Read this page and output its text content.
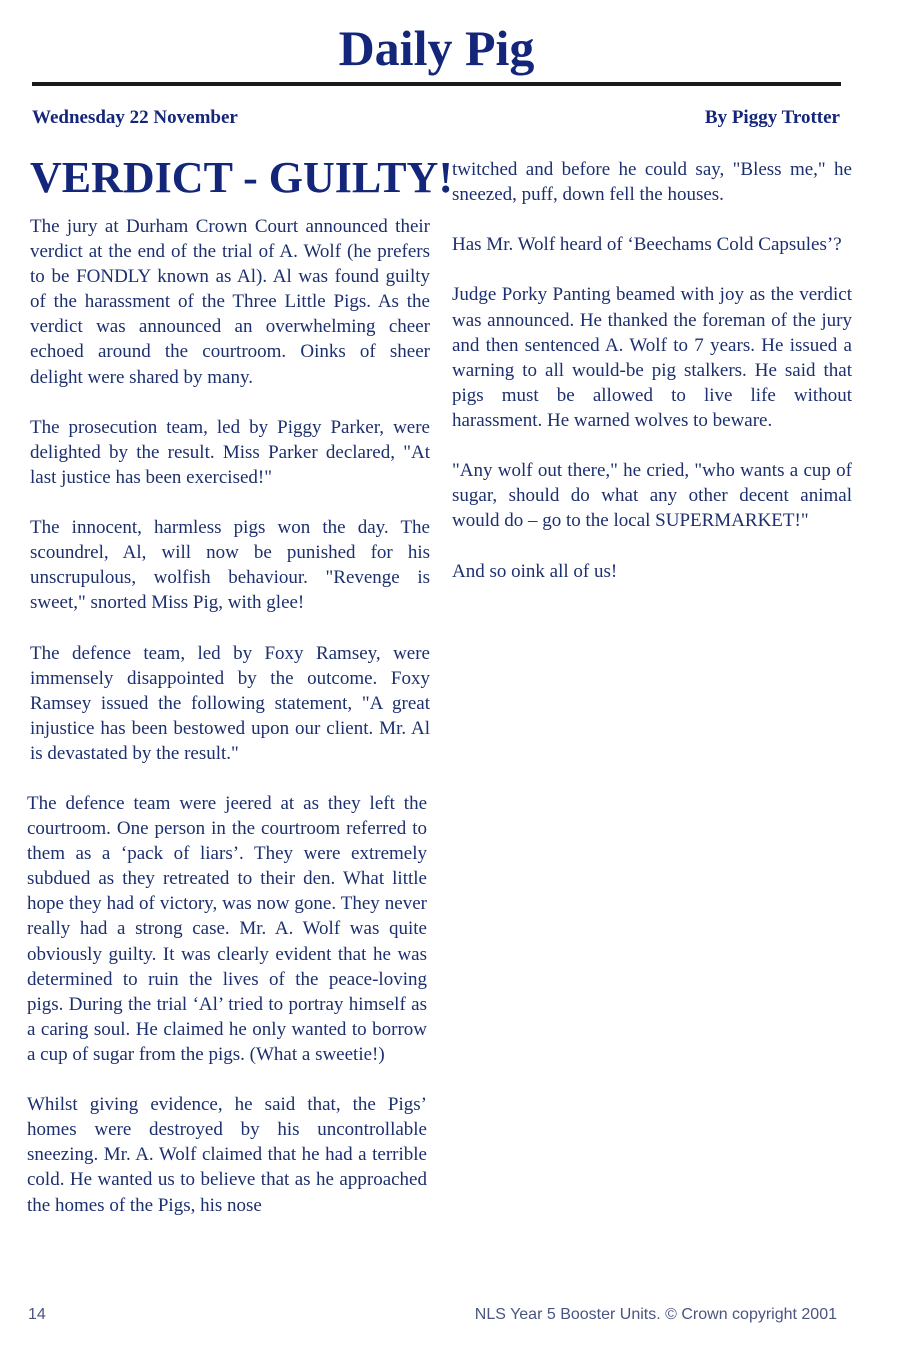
Daily Pig
Wednesday 22 November	By Piggy Trotter
VERDICT - GUILTY!

The jury at Durham Crown Court announced their verdict at the end of the trial of A. Wolf (he prefers to be FONDLY known as Al). Al was found guilty of the harassment of the Three Little Pigs. As the verdict was announced an overwhelming cheer echoed around the courtroom. Oinks of sheer delight were shared by many.

The prosecution team, led by Piggy Parker, were delighted by the result. Miss Parker declared, "At last justice has been exercised!"

The innocent, harmless pigs won the day. The scoundrel, Al, will now be punished for his unscrupulous, wolfish behaviour. "Revenge is sweet," snorted Miss Pig, with glee!

The defence team, led by Foxy Ramsey, were immensely disappointed by the outcome. Foxy Ramsey issued the following statement, "A great injustice has been bestowed upon our client. Mr. Al is devastated by the result."

The defence team were jeered at as they left the courtroom. One person in the courtroom referred to them as a ‘pack of liars’. They were extremely subdued as they retreated to their den. What little hope they had of victory, was now gone. They never really had a strong case. Mr. A. Wolf was quite obviously guilty. It was clearly evident that he was determined to ruin the lives of the peace-loving pigs. During the trial ‘Al’ tried to portray himself as a caring soul. He claimed he only wanted to borrow a cup of sugar from the pigs. (What a sweetie!)

Whilst giving evidence, he said that, the Pigs’ homes were destroyed by his uncontrollable sneezing. Mr. A. Wolf claimed that he had a terrible cold. He wanted us to believe that as he approached the homes of the Pigs, his nose

twitched and before he could say, "Bless me," he sneezed, puff, down fell the houses.

Has Mr. Wolf heard of ‘Beechams Cold Capsules’?

Judge Porky Panting beamed with joy as the verdict was announced. He thanked the foreman of the jury and then sentenced A. Wolf to 7 years. He issued a warning to all would-be pig stalkers. He said that pigs must be allowed to live life without harassment. He warned wolves to beware.

"Any wolf out there," he cried, "who wants a cup of sugar, should do what any other decent animal would do – go to the local SUPERMARKET!"

And so oink all of us!

14	NLS Year 5 Booster Units. © Crown copyright 2001
